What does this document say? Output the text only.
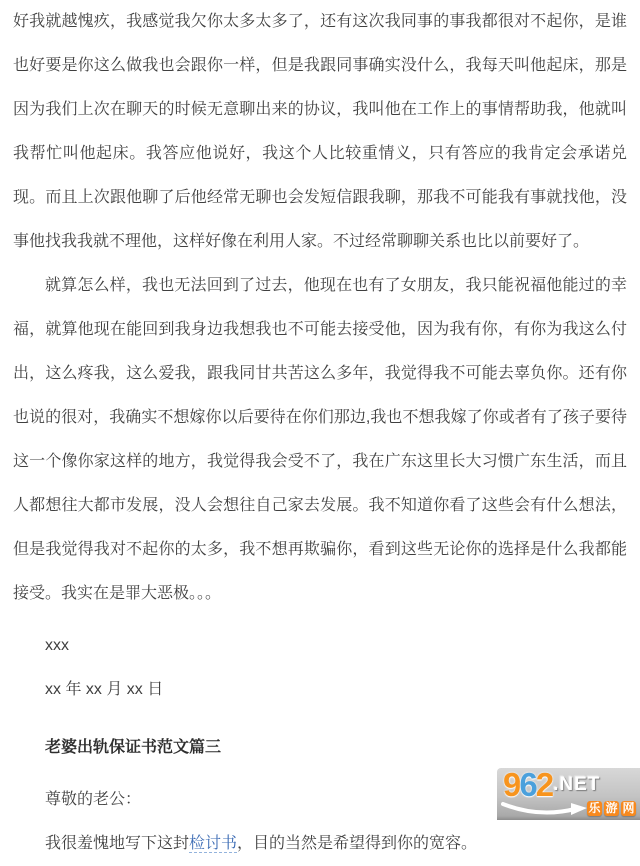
好我就越愧疚，我感觉我欠你太多太多了，还有这次我同事的事我都很对不起你，是谁也好要是你这么做我也会跟你一样，但是我跟同事确实没什么，我每天叫他起床，那是因为我们上次在聊天的时候无意聊出来的协议，我叫他在工作上的事情帮助我，他就叫我帮忙叫他起床。我答应他说好，我这个人比较重情义，只有答应的我肯定会承诺兑现。而且上次跟他聊了后他经常无聊也会发短信跟我聊，那我不可能我有事就找他，没事他找我我就不理他，这样好像在利用人家。不过经常聊聊关系也比以前要好了。

就算怎么样，我也无法回到了过去，他现在也有了女朋友，我只能祝福他能过的幸福，就算他现在能回到我身边我想我也不可能去接受他，因为我有你，有你为我这么付出，这么疼我，这么爱我，跟我同甘共苦这么多年，我觉得我不可能去辜负你。还有你也说的很对，我确实不想嫁你以后要待在你们那边,我也不想我嫁了你或者有了孩子要待这一个像你家这样的地方，我觉得我会受不了，我在广东这里长大习惯广东生活，而且人都想往大都市发展，没人会想往自己家去发展。我不知道你看了这些会有什么想法，但是我觉得我对不起你的太多，我不想再欺骗你，看到这些无论你的选择是什么我都能接受。我实在是罪大恶极。。。

xxx

xx 年 xx 月 xx 日

老婆出轨保证书范文篇三

尊敬的老公：

我很羞愧地写下这封检讨书，目的当然是希望得到你的宽容。

962.NET
乐 游 网
